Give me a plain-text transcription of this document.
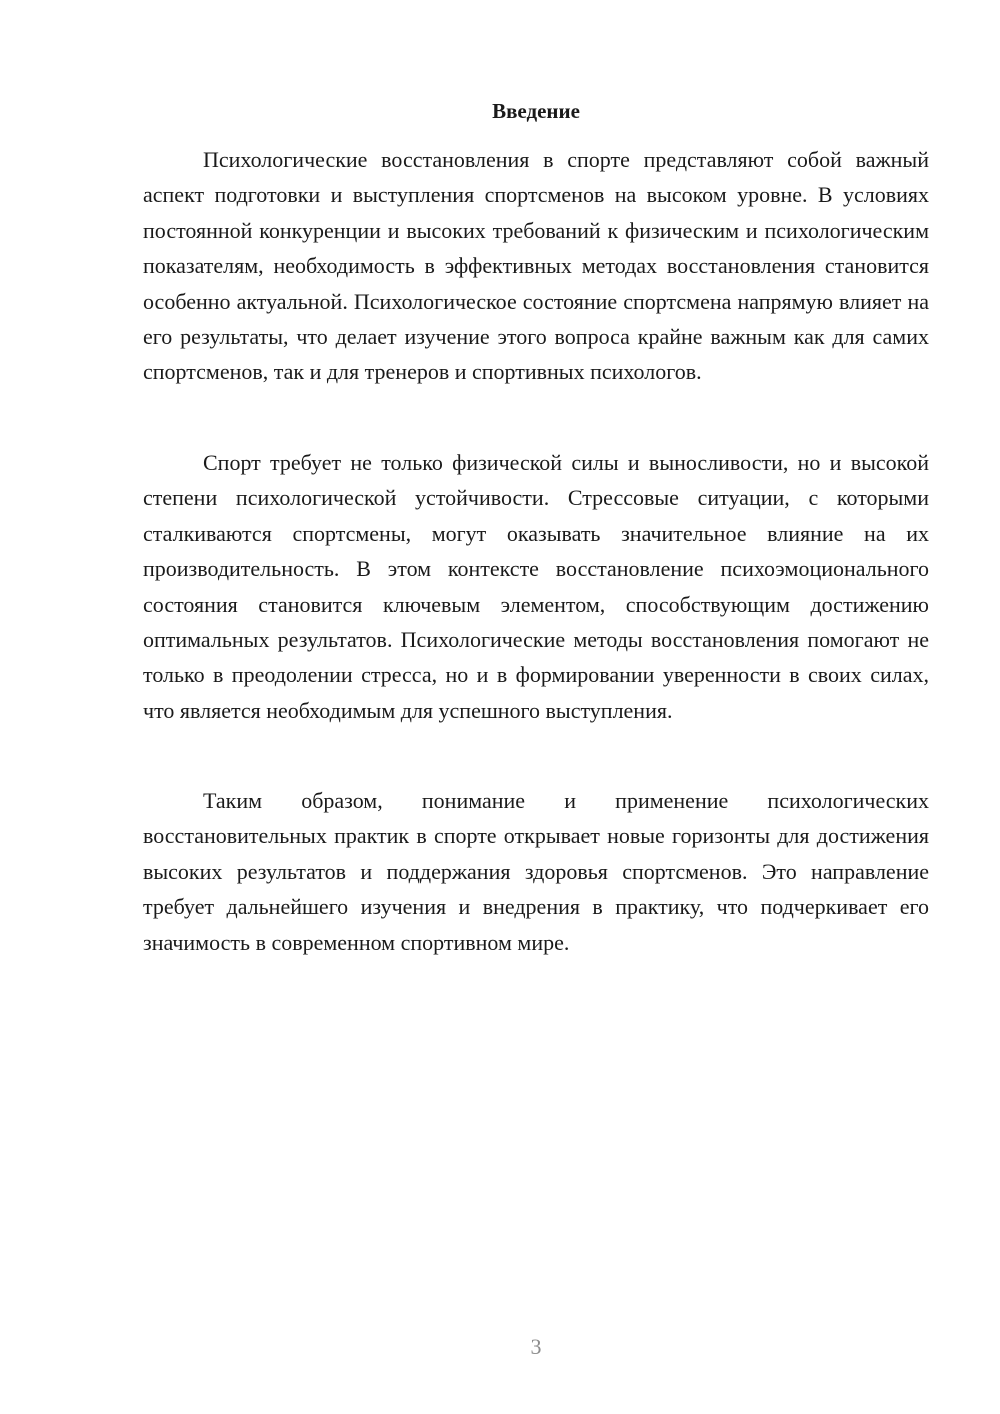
Введение

Психологические восстановления в спорте представляют собой важный аспект подготовки и выступления спортсменов на высоком уровне. В условиях постоянной конкуренции и высоких требований к физическим и психологическим показателям, необходимость в эффективных методах восстановления становится особенно актуальной. Психологическое состояние спортсмена напрямую влияет на его результаты, что делает изучение этого вопроса крайне важным как для самих спортсменов, так и для тренеров и спортивных психологов.

Спорт требует не только физической силы и выносливости, но и высокой степени психологической устойчивости. Стрессовые ситуации, с которыми сталкиваются спортсмены, могут оказывать значительное влияние на их производительность. В этом контексте восстановление психоэмоционального состояния становится ключевым элементом, способствующим достижению оптимальных результатов. Психологические методы восстановления помогают не только в преодолении стресса, но и в формировании уверенности в своих силах, что является необходимым для успешного выступления.

Таким образом, понимание и применение психологических восстановительных практик в спорте открывает новые горизонты для достижения высоких результатов и поддержания здоровья спортсменов. Это направление требует дальнейшего изучения и внедрения в практику, что подчеркивает его значимость в современном спортивном мире.

3
